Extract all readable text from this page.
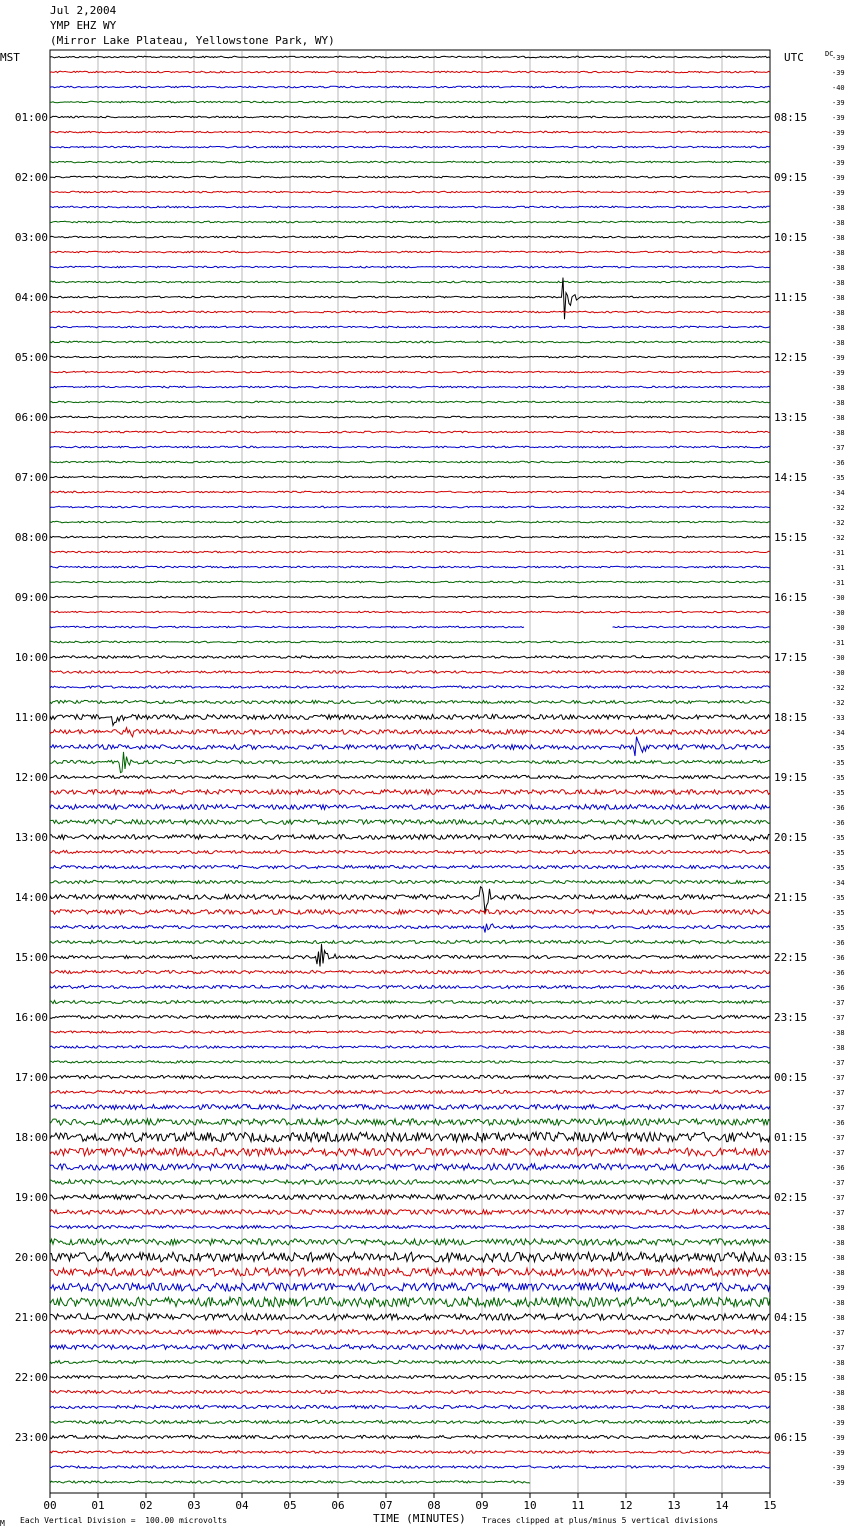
Jul 2,2004
YMP EHZ WY
(Mirror Lake Plateau, Yellowstone Park, WY)
MST	UTC
00	01	02	03	04	05	06	07	08	09	10	11	12	13	14	15
01:00
02:00
03:00
04:00
05:00
06:00
07:00
08:00
09:00
10:00
11:00
12:00
13:00
14:00
15:00
16:00
17:00
18:00
19:00
20:00
21:00
22:00
23:00
08:15
09:15
10:15
11:15
12:15
13:15
14:15
15:15
16:15
17:15
18:15
19:15
20:15
21:15
22:15
23:15
00:15
01:15
02:15
03:15
04:15
05:15
06:15
DC
-39
-39
-40
-39
-39
-39
-39
-39
-39
-39
-38
-38
-38
-38
-38
-38
-38
-38
-38
-38
-39
-39
-38
-38
-38
-38
-37
-36
-35
-34
-32
-32
-32
-31
-31
-31
-30
-30
-30
-31
-30
-30
-32
-32
-33
-34
-35
-35
-35
-35
-36
-36
-35
-35
-35
-34
-35
-35
-35
-36
-36
-36
-36
-37
-37
-38
-38
-37
-37
-37
-37
-36
-37
-37
-36
-37
-37
-37
-38
-38
-38
-38
-39
-38
-38
-37
-37
-38
-38
-38
-38
-39
-39
-39
-39
-39
M Each Vertical Division =  100.00 microvolts	TIME (MINUTES) Traces clipped at plus/minus 5 vertical divisions
